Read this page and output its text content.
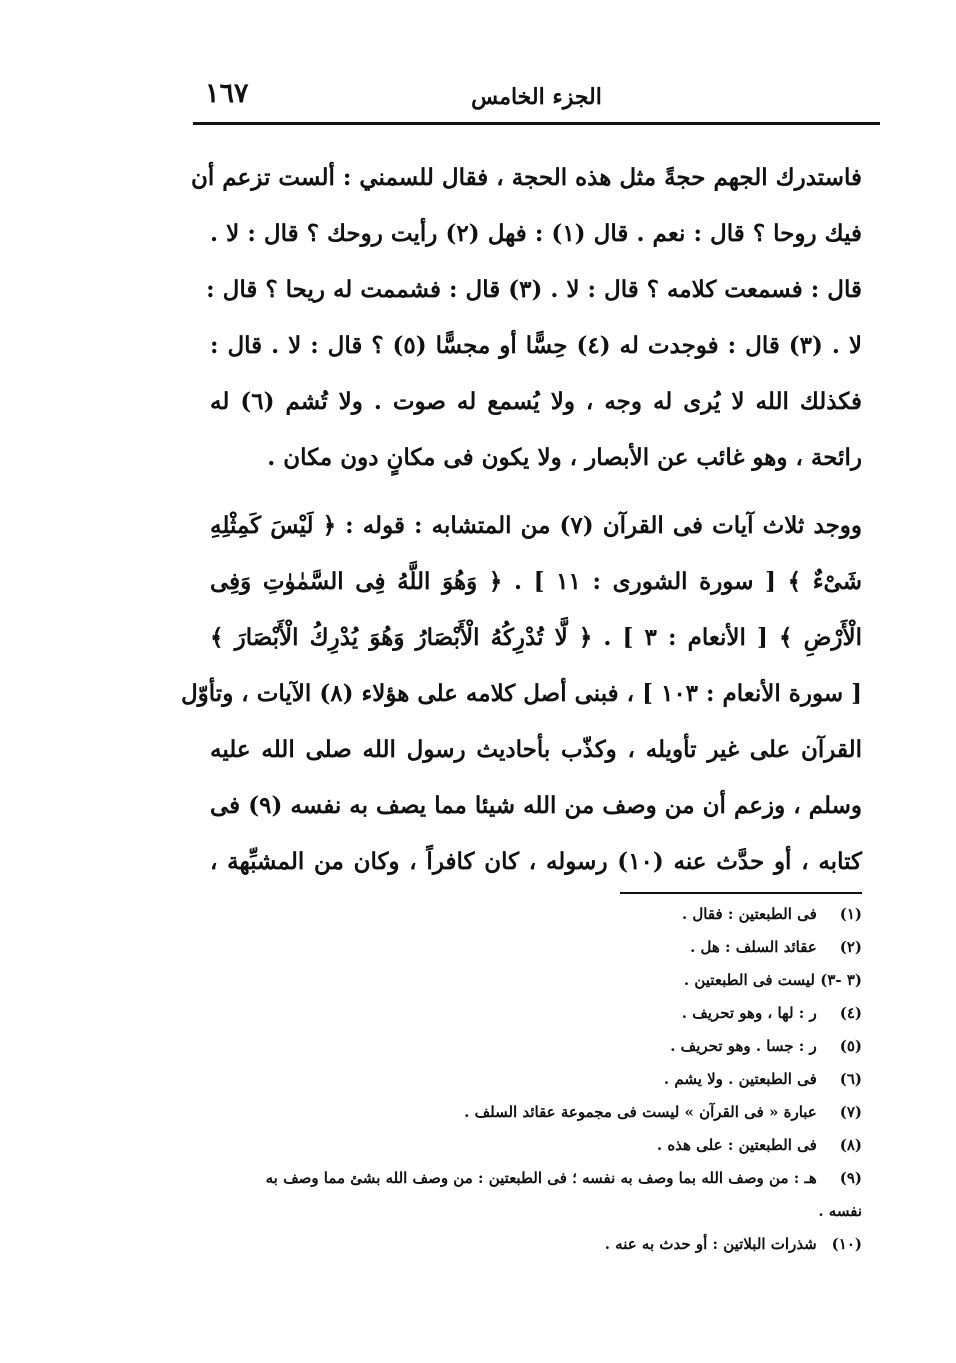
الجزء الخامس
١٦٧
فاستدرك الجهم حجةً مثل هذه الحجة ، فقال للسمني : ألست تزعم أن
فيك روحا ؟ قال : نعم . قال (١) : فهل (٢) رأيت روحك ؟ قال : لا .
قال : فسمعت كلامه ؟ قال : لا . (٣) قال : فشممت له ريحا ؟ قال :
لا . (٣) قال : فوجدت له (٤) حِسًّا أو مجسًّا (٥) ؟ قال : لا . قال :
فكذلك الله لا يُرى له وجه ، ولا يُسمع له صوت . ولا تُشم (٦) له
رائحة ، وهو غائب عن الأبصار ، ولا يكون فى مكانٍ دون مكان .
ووجد ثلاث آيات فى القرآن (٧) من المتشابه : قوله : ﴿ لَيْسَ كَمِثْلِهِ
شَىْءٌ ﴾ [ سورة الشورى : ١١ ] . ﴿ وَهُوَ اللَّهُ فِى السَّمٰوٰتِ وَفِى
الْأَرْضِ ﴾ [ الأنعام : ٣ ] . ﴿ لَّا تُدْرِكُهُ الْأَبْصَارُ وَهُوَ يُدْرِكُ الْأَبْصَارَ ﴾
[ سورة الأنعام : ١٠٣ ] ، فبنى أصل كلامه على هؤلاء (٨) الآيات ، وتأوّل
القرآن على غير تأويله ، وكذّب بأحاديث رسول الله صلى الله عليه
وسلم ، وزعم أن من وصف من الله شيئا مما يصف به نفسه (٩) فى
كتابه ، أو حدَّث عنه (١٠) رسوله ، كان كافراً ، وكان من المشبِّهة ،
(١) فى الطبعتين : فقال .
(٢) عقائد السلف : هل .
(٣ -٣) ليست فى الطبعتين .
(٤) ر : لها ، وهو تحريف .
(٥) ر : جسا . وهو تحريف .
(٦) فى الطبعتين . ولا يشم .
(٧) عبارة « فى القرآن » ليست فى مجموعة عقائد السلف .
(٨) فى الطبعتين : على هذه .
(٩) هـ : من وصف الله بما وصف به نفسه ؛ فى الطبعتين : من وصف الله بشئ مما وصف به
نفسه .
(١٠) شذرات البلاتين : أو حدث به عنه .
